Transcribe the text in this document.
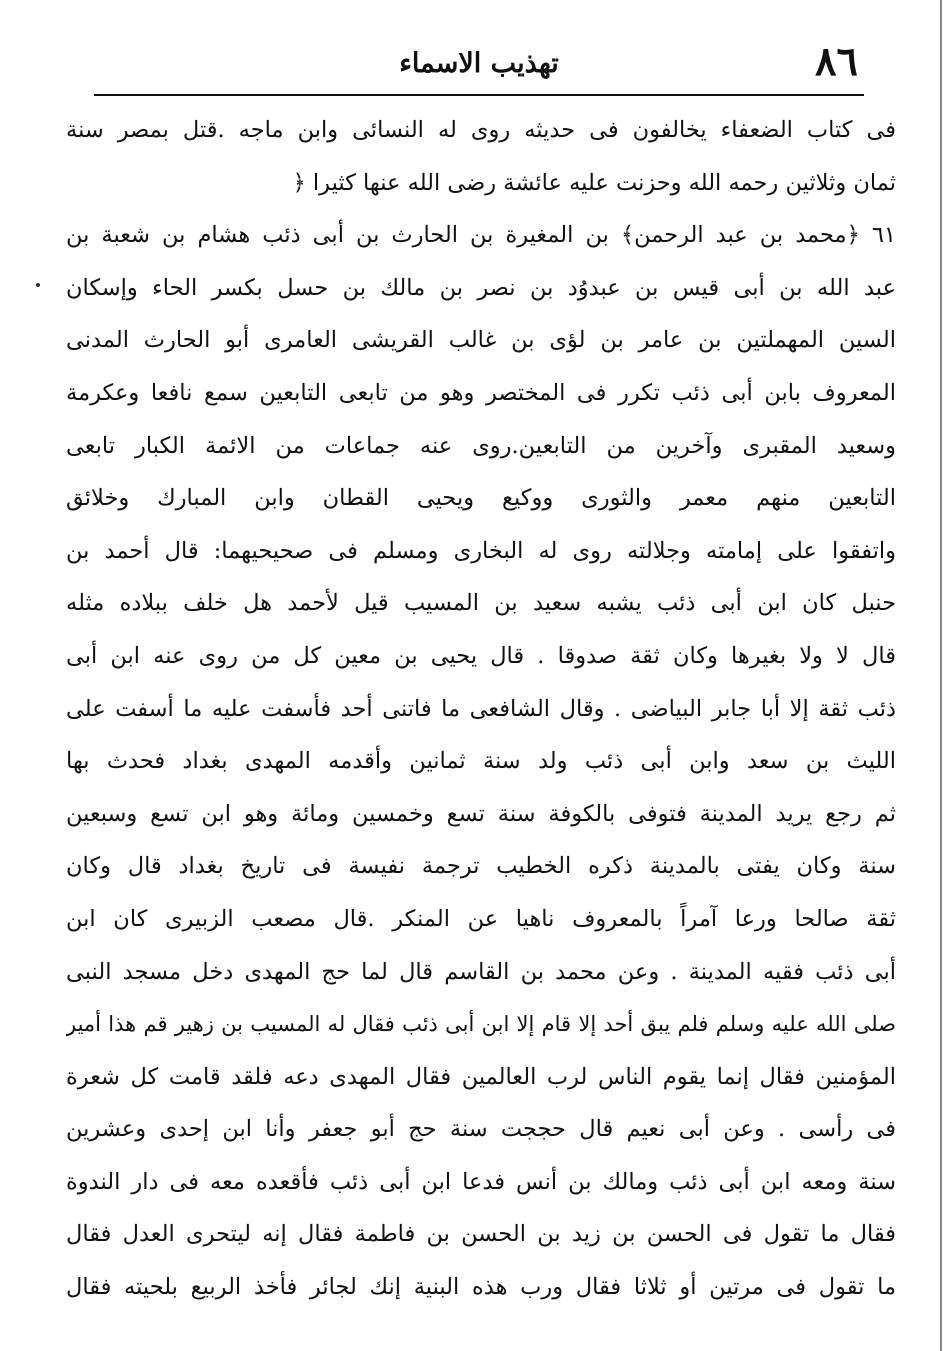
٨٦
تهذيب الاسماء
فى كتاب الضعفاء يخالفون فى حديثه روى له النسائى وابن ماجه .قتل بمصر سنة
ثمان وثلاثين رحمه الله وحزنت عليه عائشة رضى الله عنها كثيرا ﴿
٦١ ﴿محمد بن عبد الرحمن﴾ بن المغيرة بن الحارث بن أبى ذئب هشام بن شعبة بن
عبد الله بن أبى قيس بن عبدوُد بن نصر بن مالك بن حسل بكسر الحاء وإسكان
السين المهملتين بن عامر بن لؤى بن غالب القريشى العامرى أبو الحارث المدنى
المعروف بابن أبى ذئب تكرر فى المختصر وهو من تابعى التابعين سمع نافعا وعكرمة
وسعيد المقبرى وآخرين من التابعين.روى عنه جماعات من الائمة الكبار تابعى
التابعين منهم معمر والثورى ووكيع ويحيى القطان وابن المبارك وخلائق
واتفقوا على إمامته وجلالته روى له البخارى ومسلم فى صحيحيهما: قال أحمد بن
حنبل كان ابن أبى ذئب يشبه سعيد بن المسيب قيل لأحمد هل خلف ببلاده مثله
قال لا ولا بغيرها وكان ثقة صدوقا . قال يحيى بن معين كل من روى عنه ابن أبى
ذئب ثقة إلا أبا جابر البياضى . وقال الشافعى ما فاتنى أحد فأسفت عليه ما أسفت على
الليث بن سعد وابن أبى ذئب ولد سنة ثمانين وأقدمه المهدى بغداد فحدث بها
ثم رجع يريد المدينة فتوفى بالكوفة سنة تسع وخمسين ومائة وهو ابن تسع وسبعين
سنة وكان يفتى بالمدينة ذكره الخطيب ترجمة نفيسة فى تاريخ بغداد قال وكان
ثقة صالحا ورعا آمراً بالمعروف ناهيا عن المنكر .قال مصعب الزبيرى كان ابن
أبى ذئب فقيه المدينة . وعن محمد بن القاسم قال لما حج المهدى دخل مسجد النبى
صلى الله عليه وسلم فلم يبق أحد إلا قام إلا ابن أبى ذئب فقال له المسيب بن زهير قم هذا أمير
المؤمنين فقال إنما يقوم الناس لرب العالمين فقال المهدى دعه فلقد قامت كل شعرة
فى رأسى . وعن أبى نعيم قال حججت سنة حج أبو جعفر وأنا ابن إحدى وعشرين
سنة ومعه ابن أبى ذئب ومالك بن أنس فدعا ابن أبى ذئب فأقعده معه فى دار الندوة
فقال ما تقول فى الحسن بن زيد بن الحسن بن فاطمة فقال إنه ليتحرى العدل فقال
ما تقول فى مرتين أو ثلاثا فقال ورب هذه البنية إنك لجائر فأخذ الربيع بلحيته فقال
